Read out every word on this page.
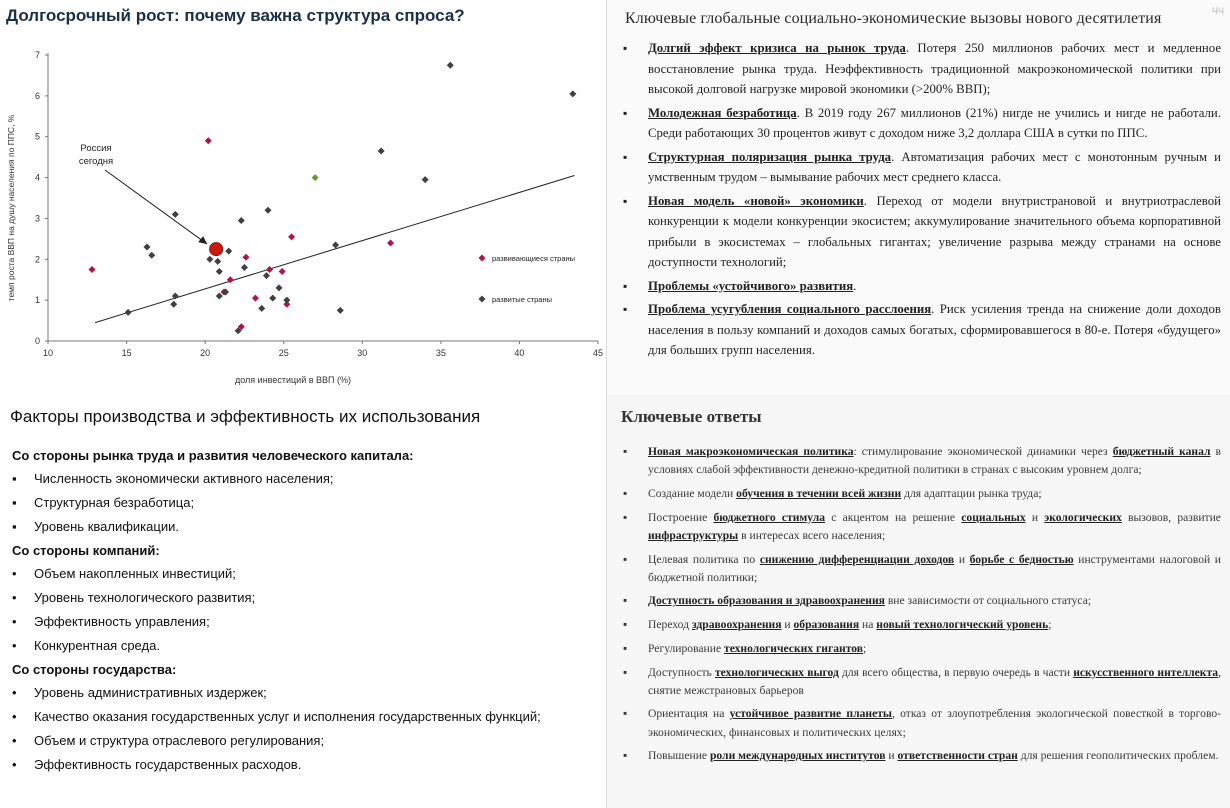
10	15	20	25	30	35	40	45
0
1
2
3
4
5
6
7
доля инвестиций в ВВП (%)
темп роста ВВП на душу населения по ППС, %	Россия
сегодня
развивающиеся страны
развитые страны
Долгосрочный рост: почему важна структура спроса?	Ключевые глобальные социально-экономические вызовы нового десятилетия	ЧЧ
▪ Долгий эффект кризиса на рынок труда. Потеря 250 миллионов рабочих мест и медленное восстановление рынка труда. Неэффективность традиционной макроэкономической политики при высокой долговой нагрузке мировой экономики (>200% ВВП);
▪ Молодежная безработица. В 2019 году 267 миллионов (21%) нигде не учились и нигде не работали. Среди работающих 30 процентов живут с доходом ниже 3,2 доллара США в сутки по ППС.
▪ Структурная поляризация рынка труда. Автоматизация рабочих мест с монотонным ручным и умственным трудом – вымывание рабочих мест среднего класса.
▪ Новая модель «новой» экономики. Переход от модели внутристрановой и внутриотраслевой конкуренции к модели конкуренции экосистем; аккумулирование значительного объема корпоративной прибыли в экосистемах – глобальных гигантах; увеличение разрыва между странами на основе доступности технологий;
▪ Проблемы «устойчивого» развития.
▪ Проблема усугубления социального расслоения. Риск усиления тренда на снижение доли доходов населения в пользу компаний и доходов самых богатых, сформировавшегося в 80-е. Потеря «будущего» для больших групп населения.
Факторы производства и эффективность их использования
Со стороны рынка труда и развития человеческого капитала:
▪ Численность экономически активного населения;
▪ Структурная безработица;
▪ Уровень квалификации.
Со стороны компаний:
• Объем накопленных инвестиций;
• Уровень технологического развития;
• Эффективность управления;
• Конкурентная среда.
Со стороны государства:
• Уровень административных издержек;
• Качество оказания государственных услуг и исполнения государственных функций;
• Объем и структура отраслевого регулирования;
• Эффективность государственных расходов.
Ключевые ответы
▪ Новая макроэкономическая политика: стимулирование экономической динамики через бюджетный канал в условиях слабой эффективности денежно-кредитной политики в странах с высоким уровнем долга;
▪ Создание модели обучения в течении всей жизни для адаптации рынка труда;
▪ Построение бюджетного стимула с акцентом на решение социальных и экологических вызовов, развитие инфраструктуры в интересах всего населения;
▪ Целевая политика по снижению дифференциации доходов и борьбе с бедностью инструментами налоговой и бюджетной политики;
▪ Доступность образования и здравоохранения вне зависимости от социального статуса;
▪ Переход здравоохранения и образования на новый технологический уровень;
▪ Регулирование технологических гигантов;
▪ Доступность технологических выгод для всего общества, в первую очередь в части искусственного интеллекта, снятие межстрановых барьеров
▪ Ориентация на устойчивое развитие планеты, отказ от злоупотребления экологической повесткой в торгово-экономических, финансовых и политических целях;
▪ Повышение роли международных институтов и ответственности стран для решения геополитических проблем.
